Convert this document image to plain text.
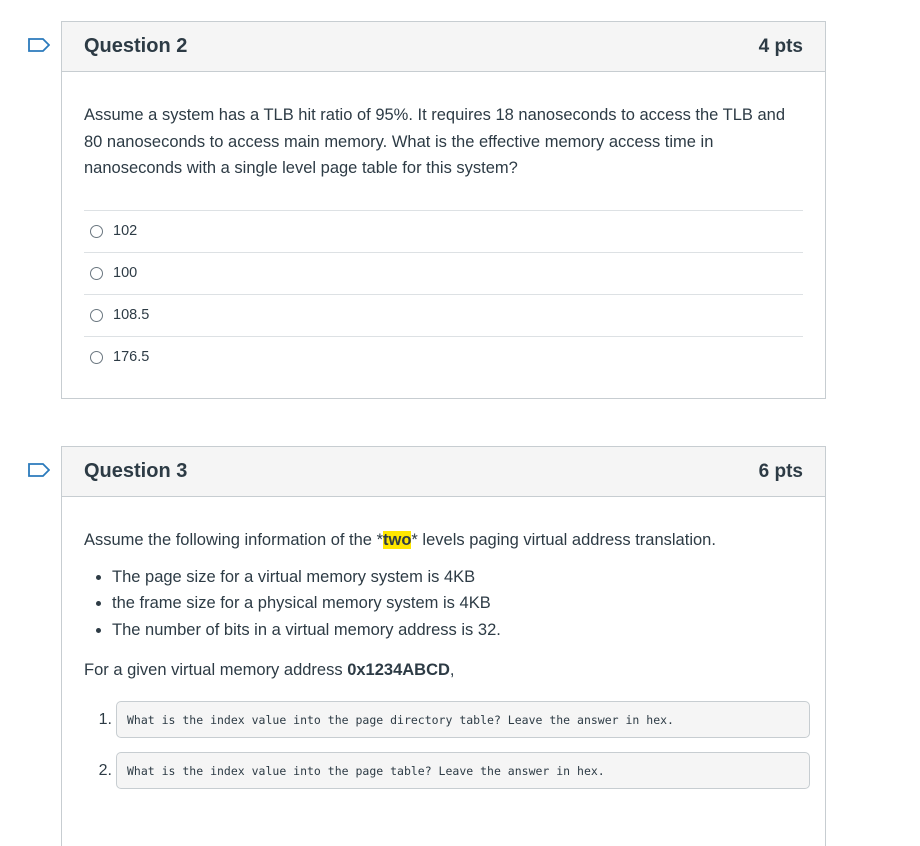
Question 2	4 pts
Assume a system has a TLB hit ratio of 95%. It requires 18 nanoseconds to access the TLB and 80 nanoseconds to access main memory. What is the effective memory access time in nanoseconds with a single level page table for this system?
102
100
108.5
176.5
Question 3	6 pts
Assume the following information of the *two* levels paging virtual address translation.
• The page size for a virtual memory system is 4KB
• the frame size for a physical memory system is 4KB
• The number of bits in a virtual memory address is 32.
For a given virtual memory address 0x1234ABCD,
1.	What is the index value into the page directory table? Leave the answer in hex.
2.	What is the index value into the page table? Leave the answer in hex.
